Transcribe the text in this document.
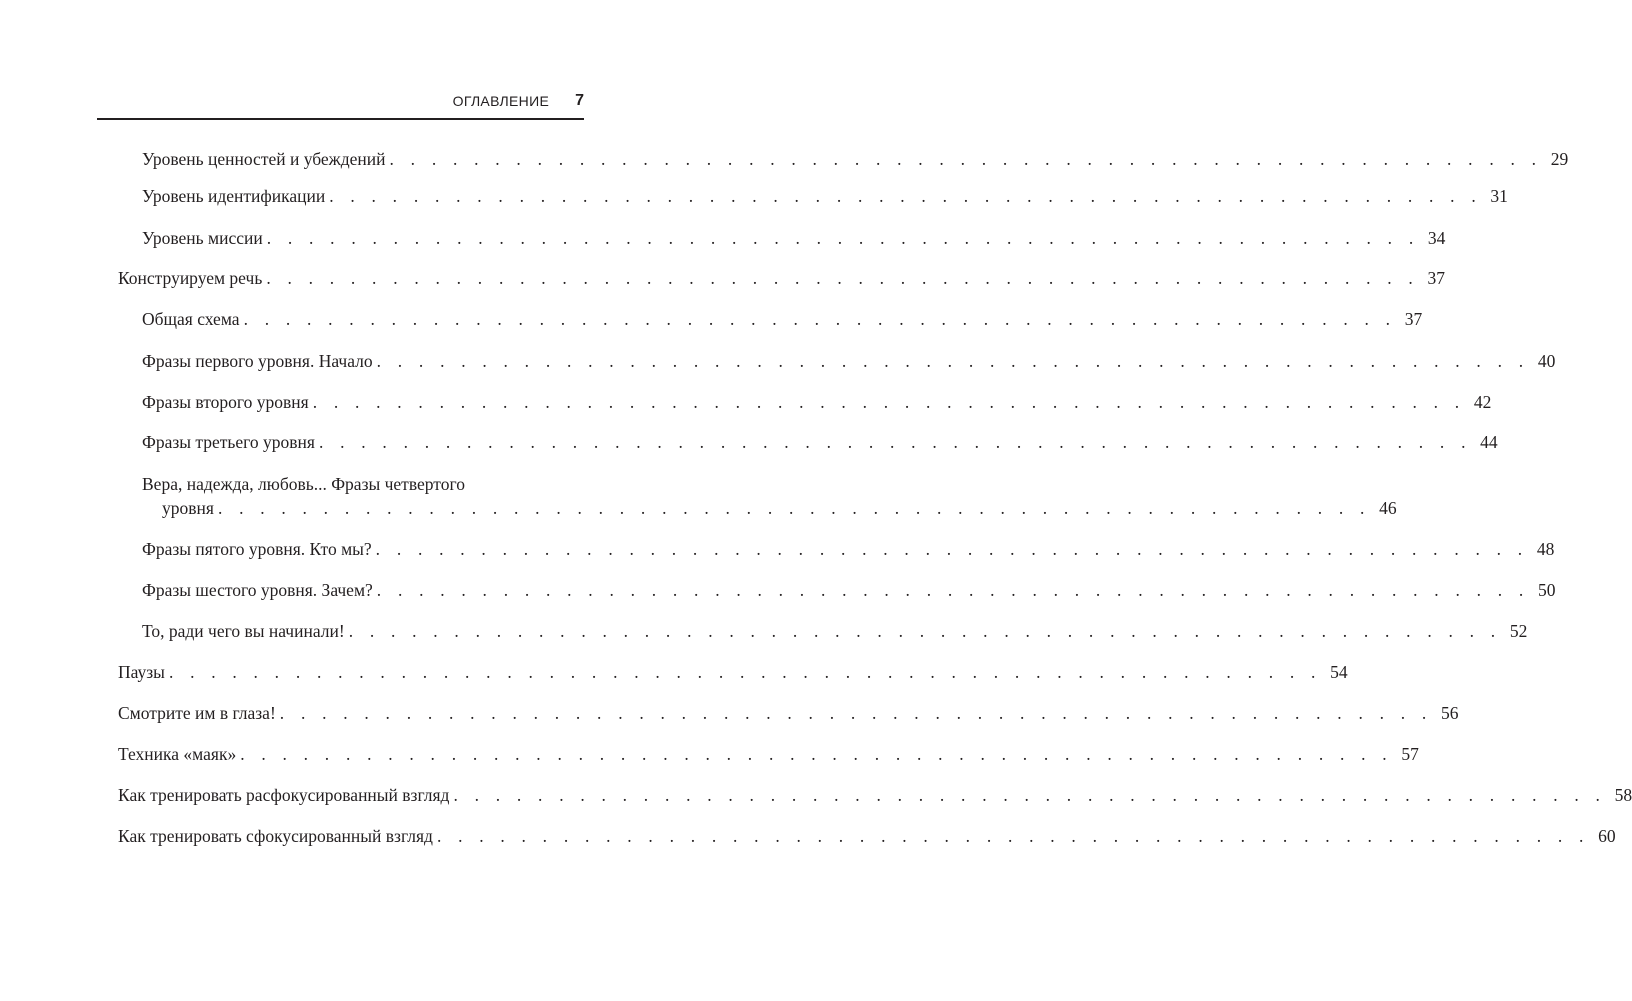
ОГЛАВЛЕНИЕ 7
Уровень ценностей и убеждений . . . . . . . . . . . . . . . . . . . . . . . . . . . . . . . . . . . . . . . . . . . . . . . . . . . . . . . 29
Уровень идентификации . . . . . . . . . . . . . . . . . . . . . . . . . . . . . . . . . . . . . . . . . . . . . . . . . . . . . . . 31
Уровень миссии . . . . . . . . . . . . . . . . . . . . . . . . . . . . . . . . . . . . . . . . . . . . . . . . . . . . . . . 34
Конструируем речь . . . . . . . . . . . . . . . . . . . . . . . . . . . . . . . . . . . . . . . . . . . . . . . . . . . . . . . 37
Общая схема . . . . . . . . . . . . . . . . . . . . . . . . . . . . . . . . . . . . . . . . . . . . . . . . . . . . . . . 37
Фразы первого уровня. Начало . . . . . . . . . . . . . . . . . . . . . . . . . . . . . . . . . . . . . . . . . . . . . . . . . . . . . . . 40
Фразы второго уровня . . . . . . . . . . . . . . . . . . . . . . . . . . . . . . . . . . . . . . . . . . . . . . . . . . . . . . . 42
Фразы третьего уровня . . . . . . . . . . . . . . . . . . . . . . . . . . . . . . . . . . . . . . . . . . . . . . . . . . . . . . . 44
Вера, надежда, любовь... Фразы четвертого
уровня . . . . . . . . . . . . . . . . . . . . . . . . . . . . . . . . . . . . . . . . . . . . . . . . . . . . . . . 46
Фразы пятого уровня. Кто мы? . . . . . . . . . . . . . . . . . . . . . . . . . . . . . . . . . . . . . . . . . . . . . . . . . . . . . . . 48
Фразы шестого уровня. Зачем? . . . . . . . . . . . . . . . . . . . . . . . . . . . . . . . . . . . . . . . . . . . . . . . . . . . . . . . 50
То, ради чего вы начинали! . . . . . . . . . . . . . . . . . . . . . . . . . . . . . . . . . . . . . . . . . . . . . . . . . . . . . . . 52
Паузы . . . . . . . . . . . . . . . . . . . . . . . . . . . . . . . . . . . . . . . . . . . . . . . . . . . . . . . 54
Смотрите им в глаза! . . . . . . . . . . . . . . . . . . . . . . . . . . . . . . . . . . . . . . . . . . . . . . . . . . . . . . . 56
Техника «маяк» . . . . . . . . . . . . . . . . . . . . . . . . . . . . . . . . . . . . . . . . . . . . . . . . . . . . . . . 57
Как тренировать расфокусированный взгляд . . . . . . . . . . . . . . . . . . . . . . . . . . . . . . . . . . . . . . . . . . . . . . . . . . . . . . . 58
Как тренировать сфокусированный взгляд . . . . . . . . . . . . . . . . . . . . . . . . . . . . . . . . . . . . . . . . . . . . . . . . . . . . . . . 60
